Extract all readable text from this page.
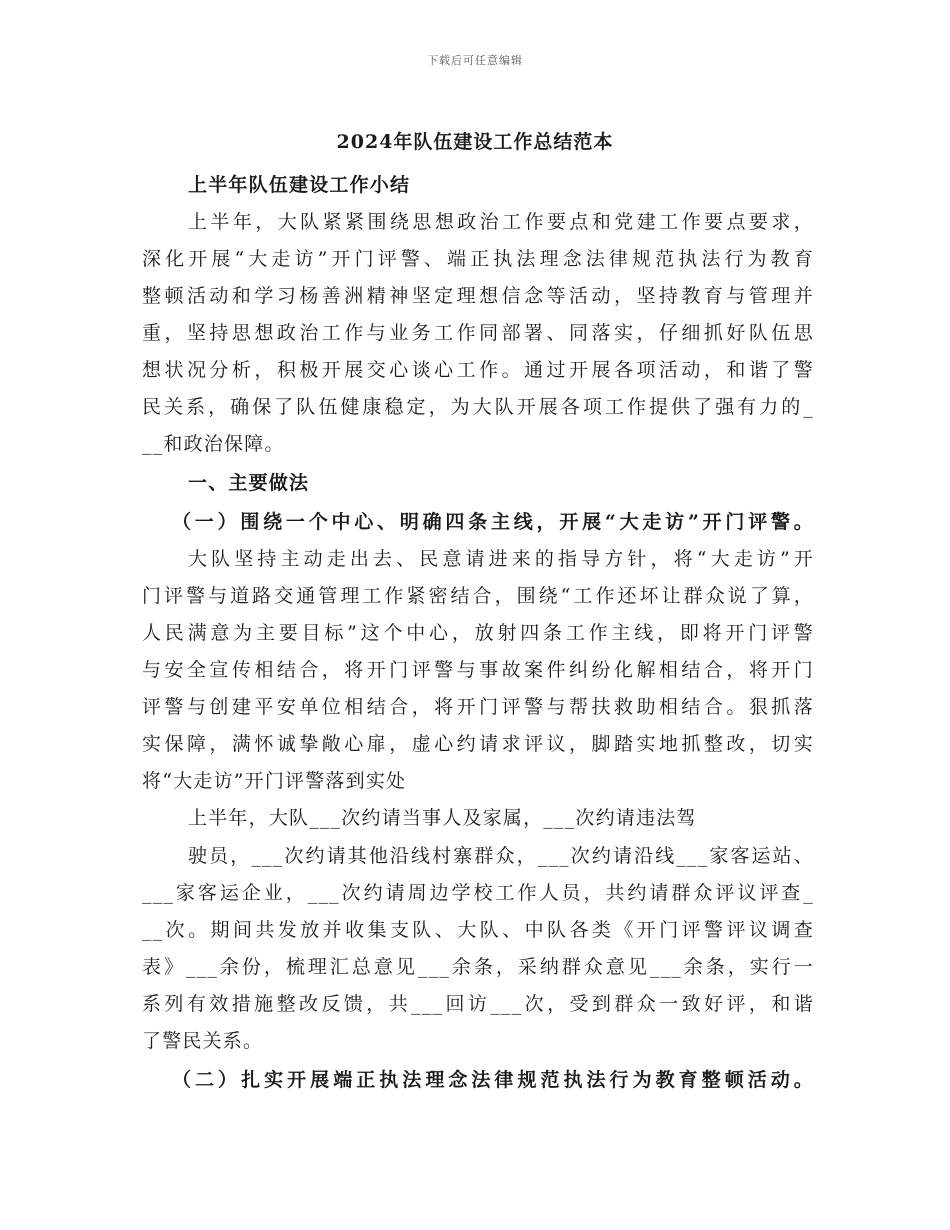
下载后可任意编辑
2024年队伍建设工作总结范本
上半年队伍建设工作小结
上半年，大队紧紧围绕思想政治工作要点和党建工作要点要求，
深化开展“大走访”开门评警、端正执法理念法律规范执法行为教育
整顿活动和学习杨善洲精神坚定理想信念等活动，坚持教育与管理并
重，坚持思想政治工作与业务工作同部署、同落实，仔细抓好队伍思
想状况分析，积极开展交心谈心工作。通过开展各项活动，和谐了警
民关系，确保了队伍健康稳定，为大队开展各项工作提供了强有力的_
__和政治保障。
一、主要做法
（一）围绕一个中心、明确四条主线，开展“大走访”开门评警。
大队坚持主动走出去、民意请进来的指导方针，将“大走访”开
门评警与道路交通管理工作紧密结合，围绕“工作还坏让群众说了算，
人民满意为主要目标”这个中心，放射四条工作主线，即将开门评警
与安全宣传相结合，将开门评警与事故案件纠纷化解相结合，将开门
评警与创建平安单位相结合，将开门评警与帮扶救助相结合。狠抓落
实保障，满怀诚挚敞心扉，虚心约请求评议，脚踏实地抓整改，切实
将“大走访”开门评警落到实处
上半年，大队___次约请当事人及家属，___次约请违法驾
驶员，___次约请其他沿线村寨群众，___次约请沿线___家客运站、
___家客运企业，___次约请周边学校工作人员，共约请群众评议评查_
__次。期间共发放并收集支队、大队、中队各类《开门评警评议调查
表》___余份，梳理汇总意见___余条，采纳群众意见___余条，实行一
系列有效措施整改反馈，共___回访___次，受到群众一致好评，和谐
了警民关系。
（二）扎实开展端正执法理念法律规范执法行为教育整顿活动。
